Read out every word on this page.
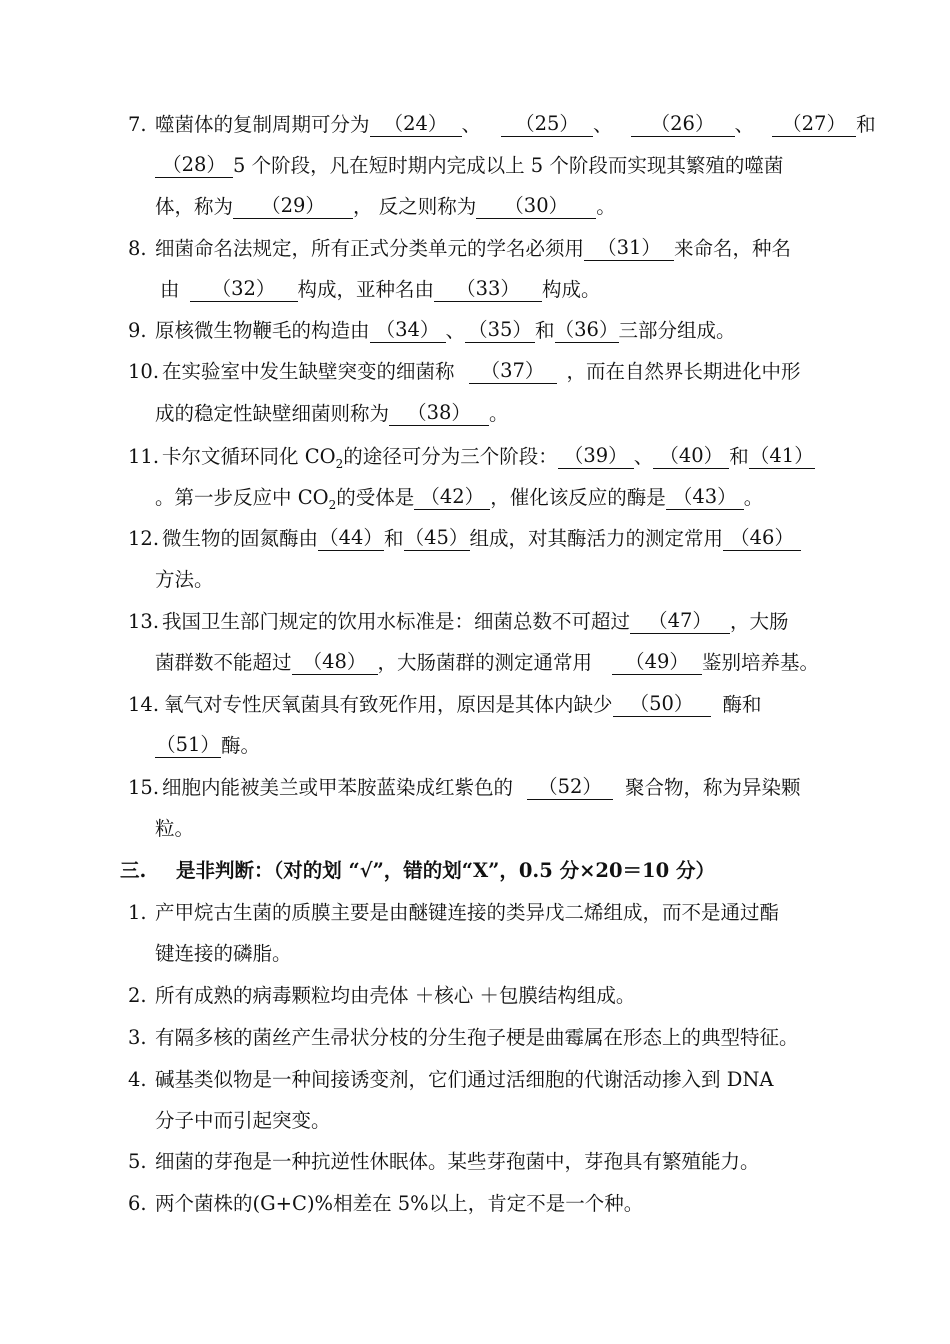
7. 噬菌体的复制周期可分为 （24） 、 （25） 、 （26） 、 （27） 和
（28） 5 个阶段，凡在短时期内完成以上 5 个阶段而实现其繁殖的噬菌
体，称为 （29） ， 反之则称为 （30） 。
8. 细菌命名法规定，所有正式分类单元的学名必须用 （31） 来命名，种名
由 （32） 构成，亚种名由 （33） 构成。
9. 原核微生物鞭毛的构造由 （34） 、 （35） 和（36）三部分组成。
10. 在实验室中发生缺壁突变的细菌称 （37） ，而在自然界长期进化中形
成的稳定性缺壁细菌则称为 （38） 。
11. 卡尔文循环同化 $CO_2$的途径可分为三个阶段： （39） 、 （40） 和（41）
。第一步反应中 $CO_2$的受体是 （42） ，催化该反应的酶是 （43） 。
12. 微生物的固氮酶由（44）和（45）组成，对其酶活力的测定常用 （46）
方法。
13. 我国卫生部门规定的饮用水标准是：细菌总数不可超过 （47） ，大肠
菌群数不能超过 （48） ，大肠菌群的测定通常用 （49） 鉴别培养基。
14. 氧气对专性厌氧菌具有致死作用，原因是其体内缺少 （50） 酶和
（51）酶。
15. 细胞内能被美兰或甲苯胺蓝染成红紫色的 （52） 聚合物，称为异染颗
粒。
三. 是非判断：（对的划 “√”，错的划“X”，0.5 分×20＝10 分）
1. 产甲烷古生菌的质膜主要是由醚键连接的类异戊二烯组成，而不是通过酯
键连接的磷脂。
2. 所有成熟的病毒颗粒均由壳体 ＋核心 ＋包膜结构组成。
3. 有隔多核的菌丝产生帚状分枝的分生孢子梗是曲霉属在形态上的典型特征。
4. 碱基类似物是一种间接诱变剂，它们通过活细胞的代谢活动掺入到 DNA
分子中而引起突变。
5. 细菌的芽孢是一种抗逆性休眠体。某些芽孢菌中，芽孢具有繁殖能力。
6. 两个菌株的(G+C)%相差在 5%以上，肯定不是一个种。
